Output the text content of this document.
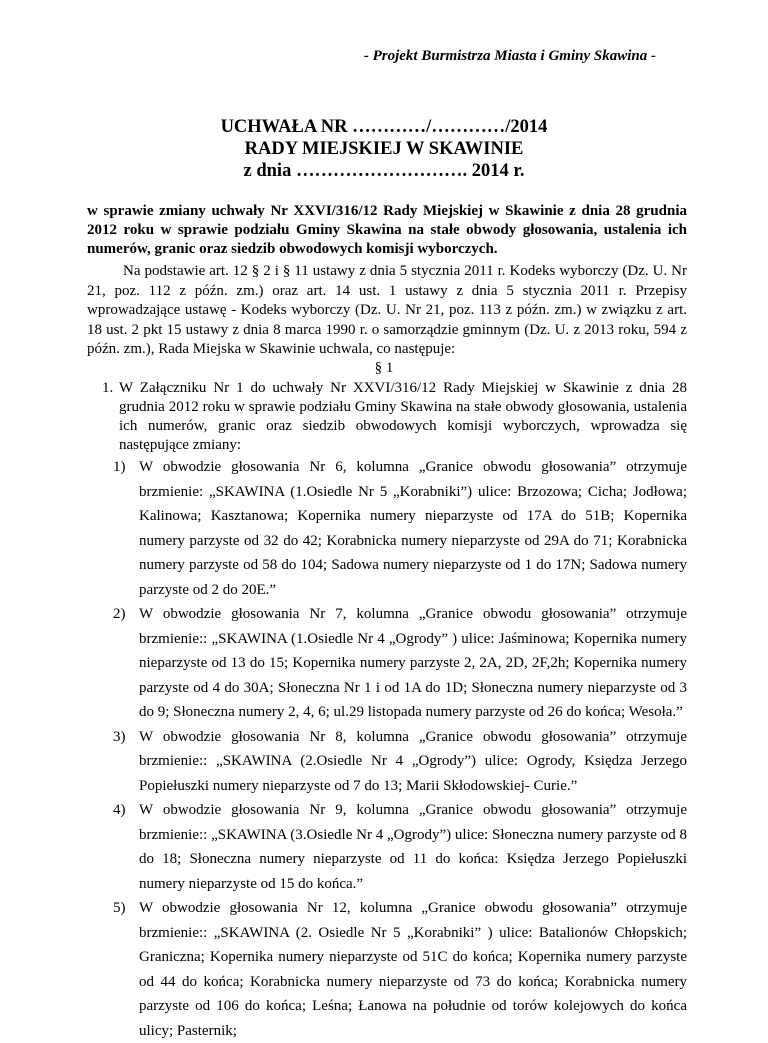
- Projekt Burmistrza Miasta i Gminy Skawina -
UCHWAŁA NR …………/…………/2014
RADY MIEJSKIEJ W SKAWINIE
z dnia ………………………. 2014 r.
w sprawie zmiany uchwały Nr XXVI/316/12 Rady Miejskiej w Skawinie z dnia 28 grudnia 2012 roku w sprawie podziału Gminy Skawina na stałe obwody głosowania, ustalenia ich numerów, granic oraz siedzib obwodowych komisji wyborczych.
Na podstawie art. 12 § 2 i § 11 ustawy z dnia 5 stycznia 2011 r. Kodeks wyborczy (Dz. U. Nr 21, poz. 112 z późn. zm.) oraz art. 14 ust. 1 ustawy z dnia 5 stycznia 2011 r. Przepisy wprowadzające ustawę - Kodeks wyborczy (Dz. U. Nr 21, poz. 113 z późn. zm.) w związku z art. 18 ust. 2 pkt 15 ustawy z dnia 8 marca 1990 r. o samorządzie gminnym (Dz. U. z 2013 roku, 594 z późn. zm.), Rada Miejska w Skawinie uchwala, co następuje:
§ 1
1. W Załączniku Nr 1 do uchwały Nr XXVI/316/12 Rady Miejskiej w Skawinie z dnia 28 grudnia 2012 roku w sprawie podziału Gminy Skawina na stałe obwody głosowania, ustalenia ich numerów, granic oraz siedzib obwodowych komisji wyborczych, wprowadza się następujące zmiany:
1) W obwodzie głosowania Nr 6, kolumna „Granice obwodu głosowania” otrzymuje brzmienie: „SKAWINA (1.Osiedle Nr 5 „Korabniki”) ulice: Brzozowa; Cicha; Jodłowa; Kalinowa; Kasztanowa; Kopernika numery nieparzyste od 17A do 51B; Kopernika numery parzyste od 32 do 42; Korabnicka numery nieparzyste od 29A do 71; Korabnicka numery parzyste od 58 do 104; Sadowa numery nieparzyste od 1 do 17N; Sadowa numery parzyste od 2 do 20E.”
2) W obwodzie głosowania Nr 7, kolumna „Granice obwodu głosowania” otrzymuje brzmienie:: „SKAWINA (1.Osiedle Nr 4 „Ogrody” ) ulice: Jaśminowa; Kopernika numery nieparzyste od 13 do 15; Kopernika numery parzyste 2, 2A, 2D, 2F,2h; Kopernika numery parzyste od 4 do 30A; Słoneczna Nr 1 i od 1A do 1D; Słoneczna numery nieparzyste od 3 do 9; Słoneczna numery 2, 4, 6; ul.29 listopada numery parzyste od 26 do końca; Wesoła.”
3) W obwodzie głosowania Nr 8, kolumna „Granice obwodu głosowania” otrzymuje brzmienie:: „SKAWINA (2.Osiedle Nr 4 „Ogrody”) ulice: Ogrody, Księdza Jerzego Popiełuszki numery nieparzyste od 7 do 13; Marii Skłodowskiej- Curie.”
4) W obwodzie głosowania Nr 9, kolumna „Granice obwodu głosowania” otrzymuje brzmienie:: „SKAWINA (3.Osiedle Nr 4 „Ogrody”) ulice: Słoneczna numery parzyste od 8 do 18; Słoneczna numery nieparzyste od 11 do końca: Księdza Jerzego Popiełuszki numery nieparzyste od 15 do końca.”
5) W obwodzie głosowania Nr 12, kolumna „Granice obwodu głosowania” otrzymuje brzmienie:: „SKAWINA (2. Osiedle Nr 5 „Korabniki” ) ulice: Batalionów Chłopskich; Graniczna; Kopernika numery nieparzyste od 51C do końca; Kopernika numery parzyste od 44 do końca; Korabnicka numery nieparzyste od 73 do końca; Korabnicka numery parzyste od 106 do końca; Leśna; Łanowa na południe od torów kolejowych do końca ulicy; Pasternik;
